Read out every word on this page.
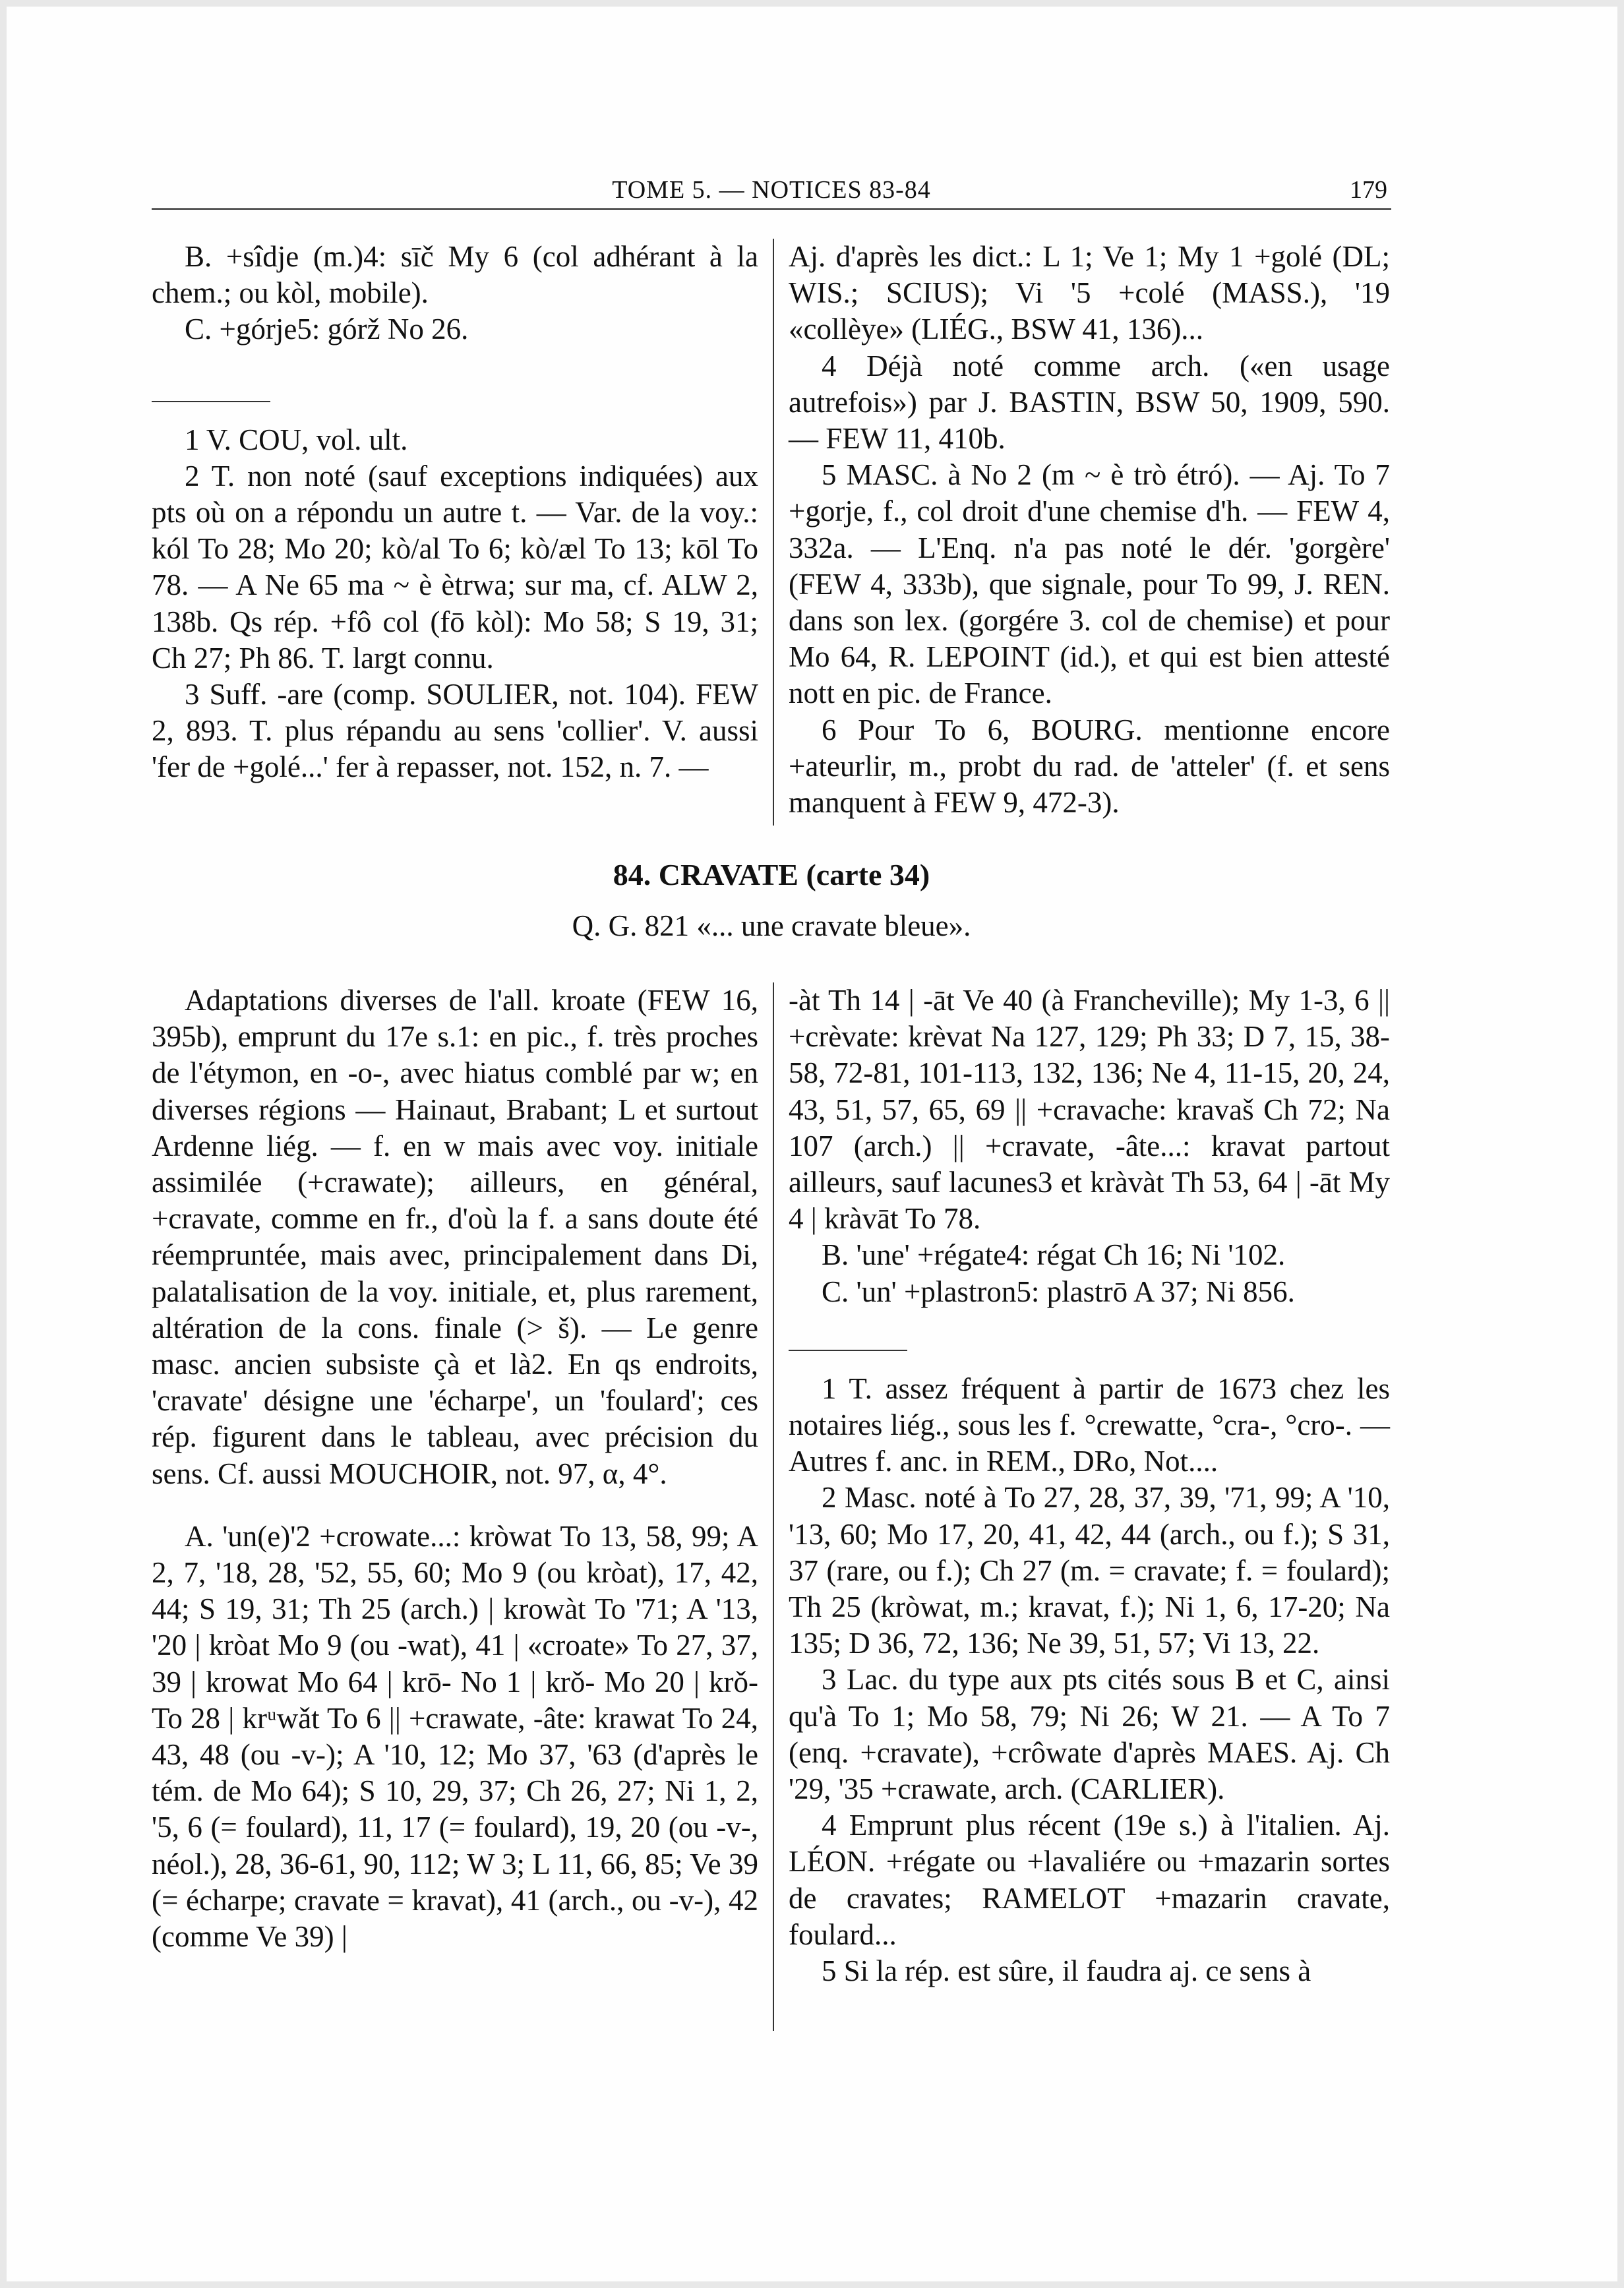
TOME 5. — NOTICES 83-84	179

B. +sîdje (m.)4: sīč My 6 (col adhérant à la chem.; ou kòl, mobile).

C. +górje5: górž No 26.

1 V. COU, vol. ult.

2 T. non noté (sauf exceptions indiquées) aux pts où on a répondu un autre t. — Var. de la voy.: kól To 28; Mo 20; kò/al To 6; kò/æl To 13; kōl To 78. — A Ne 65 ma ~ è ètrwa; sur ma, cf. ALW 2, 138b. Qs rép. +fô col (fō kòl): Mo 58; S 19, 31; Ch 27; Ph 86. T. largt connu.

3 Suff. -are (comp. SOULIER, not. 104). FEW 2, 893. T. plus répandu au sens 'collier'. V. aussi 'fer de +golé...' fer à repasser, not. 152, n. 7. —

Aj. d'après les dict.: L 1; Ve 1; My 1 +golé (DL; WIS.; SCIUS); Vi '5 +colé (MASS.), '19 «collèye» (LIÉG., BSW 41, 136)...

4 Déjà noté comme arch. («en usage autrefois») par J. BASTIN, BSW 50, 1909, 590. — FEW 11, 410b.

5 MASC. à No 2 (m ~ è trò étró). — Aj. To 7 +gorje, f., col droit d'une chemise d'h. — FEW 4, 332a. — L'Enq. n'a pas noté le dér. 'gorgère' (FEW 4, 333b), que signale, pour To 99, J. REN. dans son lex. (gorgére 3. col de chemise) et pour Mo 64, R. LEPOINT (id.), et qui est bien attesté nott en pic. de France.

6 Pour To 6, BOURG. mentionne encore +ateurlir, m., probt du rad. de 'atteler' (f. et sens manquent à FEW 9, 472-3).

84. CRAVATE (carte 34)
Q. G. 821 «... une cravate bleue».

Adaptations diverses de l'all. kroate (FEW 16, 395b), emprunt du 17e s.1: en pic., f. très proches de l'étymon, en -o-, avec hiatus comblé par w; en diverses régions — Hainaut, Brabant; L et surtout Ardenne liég. — f. en w mais avec voy. initiale assimilée (+crawate); ailleurs, en général, +cravate, comme en fr., d'où la f. a sans doute été réempruntée, mais avec, principalement dans Di, palatalisation de la voy. initiale, et, plus rarement, altération de la cons. finale (> š). — Le genre masc. ancien subsiste çà et là2. En qs endroits, 'cravate' désigne une 'écharpe', un 'foulard'; ces rép. figurent dans le tableau, avec précision du sens. Cf. aussi MOUCHOIR, not. 97, α, 4°.

A. 'un(e)'2 +crowate...: kròwat To 13, 58, 99; A 2, 7, '18, 28, '52, 55, 60; Mo 9 (ou kròat), 17, 42, 44; S 19, 31; Th 25 (arch.) | krowàt To '71; A '13, '20 | kròat Mo 9 (ou -wat), 41 | «croate» To 27, 37, 39 | krowat Mo 64 | krō- No 1 | krǒ- Mo 20 | krǒ- To 28 | krᵘwǎt To 6 || +crawate, -âte: krawat To 24, 43, 48 (ou -v-); A '10, 12; Mo 37, '63 (d'après le tém. de Mo 64); S 10, 29, 37; Ch 26, 27; Ni 1, 2, '5, 6 (= foulard), 11, 17 (= foulard), 19, 20 (ou -v-, néol.), 28, 36-61, 90, 112; W 3; L 11, 66, 85; Ve 39 (= écharpe; cravate = kravat), 41 (arch., ou -v-), 42 (comme Ve 39) |

-àt Th 14 | -āt Ve 40 (à Francheville); My 1-3, 6 || +crèvate: krèvat Na 127, 129; Ph 33; D 7, 15, 38-58, 72-81, 101-113, 132, 136; Ne 4, 11-15, 20, 24, 43, 51, 57, 65, 69 || +cravache: kravaš Ch 72; Na 107 (arch.) || +cravate, -âte...: kravat partout ailleurs, sauf lacunes3 et kràvàt Th 53, 64 | -āt My 4 | kràvāt To 78.

B. 'une' +régate4: régat Ch 16; Ni '102.

C. 'un' +plastron5: plastrō A 37; Ni 856.

1 T. assez fréquent à partir de 1673 chez les notaires liég., sous les f. °crewatte, °cra-, °cro-. — Autres f. anc. in REM., DRo, Not....

2 Masc. noté à To 27, 28, 37, 39, '71, 99; A '10, '13, 60; Mo 17, 20, 41, 42, 44 (arch., ou f.); S 31, 37 (rare, ou f.); Ch 27 (m. = cravate; f. = foulard); Th 25 (kròwat, m.; kravat, f.); Ni 1, 6, 17-20; Na 135; D 36, 72, 136; Ne 39, 51, 57; Vi 13, 22.

3 Lac. du type aux pts cités sous B et C, ainsi qu'à To 1; Mo 58, 79; Ni 26; W 21. — A To 7 (enq. +cravate), +crôwate d'après MAES. Aj. Ch '29, '35 +crawate, arch. (CARLIER).

4 Emprunt plus récent (19e s.) à l'italien. Aj. LÉON. +régate ou +lavaliére ou +mazarin sortes de cravates; RAMELOT +mazarin cravate, foulard...

5 Si la rép. est sûre, il faudra aj. ce sens à
